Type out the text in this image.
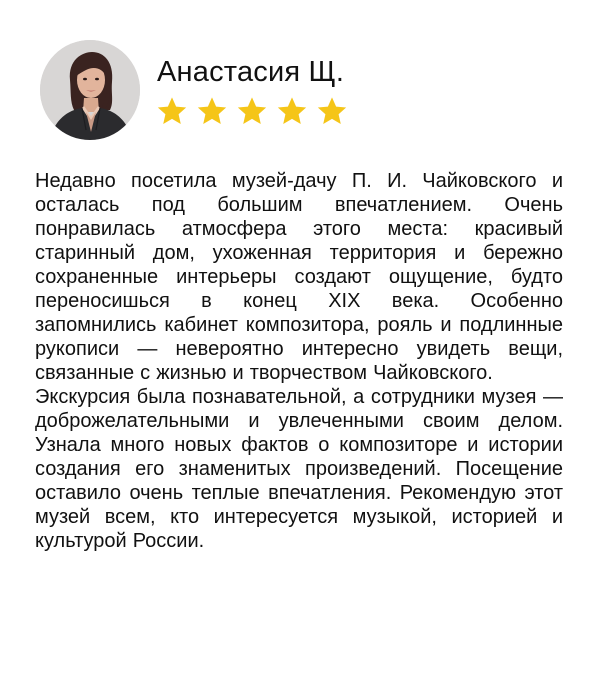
Анастасия Щ.

Недавно посетила музей-дачу П. И. Чайковского и осталась под большим впечатлением. Очень понравилась атмосфера этого места: красивый старинный дом, ухоженная территория и бережно сохраненные интерьеры создают ощущение, будто переносишься в конец XIX века. Особенно запомнились кабинет композитора, рояль и подлинные рукописи — невероятно интересно увидеть вещи, связанные с жизнью и творчеством Чайковского.

Экскурсия была познавательной, а сотрудники музея — доброжелательными и увлеченными своим делом. Узнала много новых фактов о композиторе и истории создания его знаменитых произведений. Посещение оставило очень теплые впечатления. Рекомендую этот музей всем, кто интересуется музыкой, историей и культурой России.
